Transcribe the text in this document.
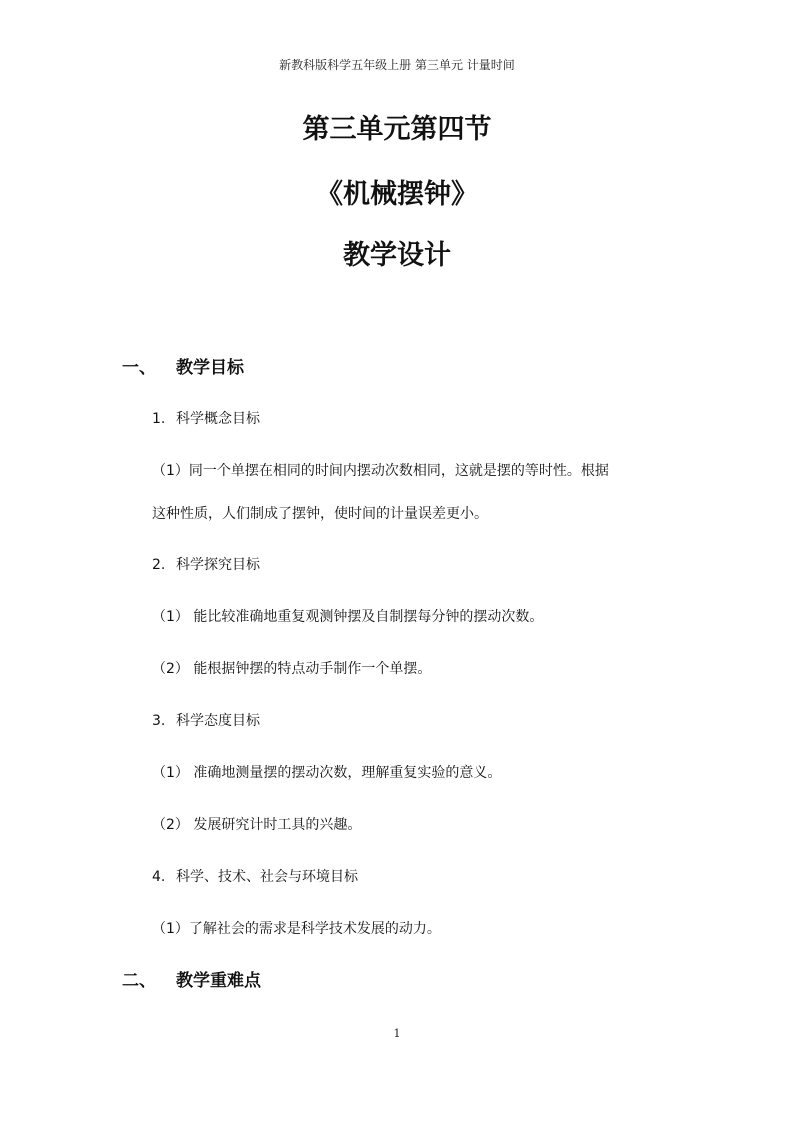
新教科版科学五年级上册 第三单元 计量时间
第三单元第四节
《机械摆钟》
教学设计
一、 教学目标
1. 科学概念目标
（1）同一个单摆在相同的时间内摆动次数相同，这就是摆的等时性。根据
这种性质，人们制成了摆钟，使时间的计量误差更小。
2. 科学探究目标
（1） 能比较准确地重复观测钟摆及自制摆每分钟的摆动次数。
（2） 能根据钟摆的特点动手制作一个单摆。
3. 科学态度目标
（1） 准确地测量摆的摆动次数，理解重复实验的意义。
（2） 发展研究计时工具的兴趣。
4. 科学、技术、社会与环境目标
（1）了解社会的需求是科学技术发展的动力。
二、 教学重难点
1
